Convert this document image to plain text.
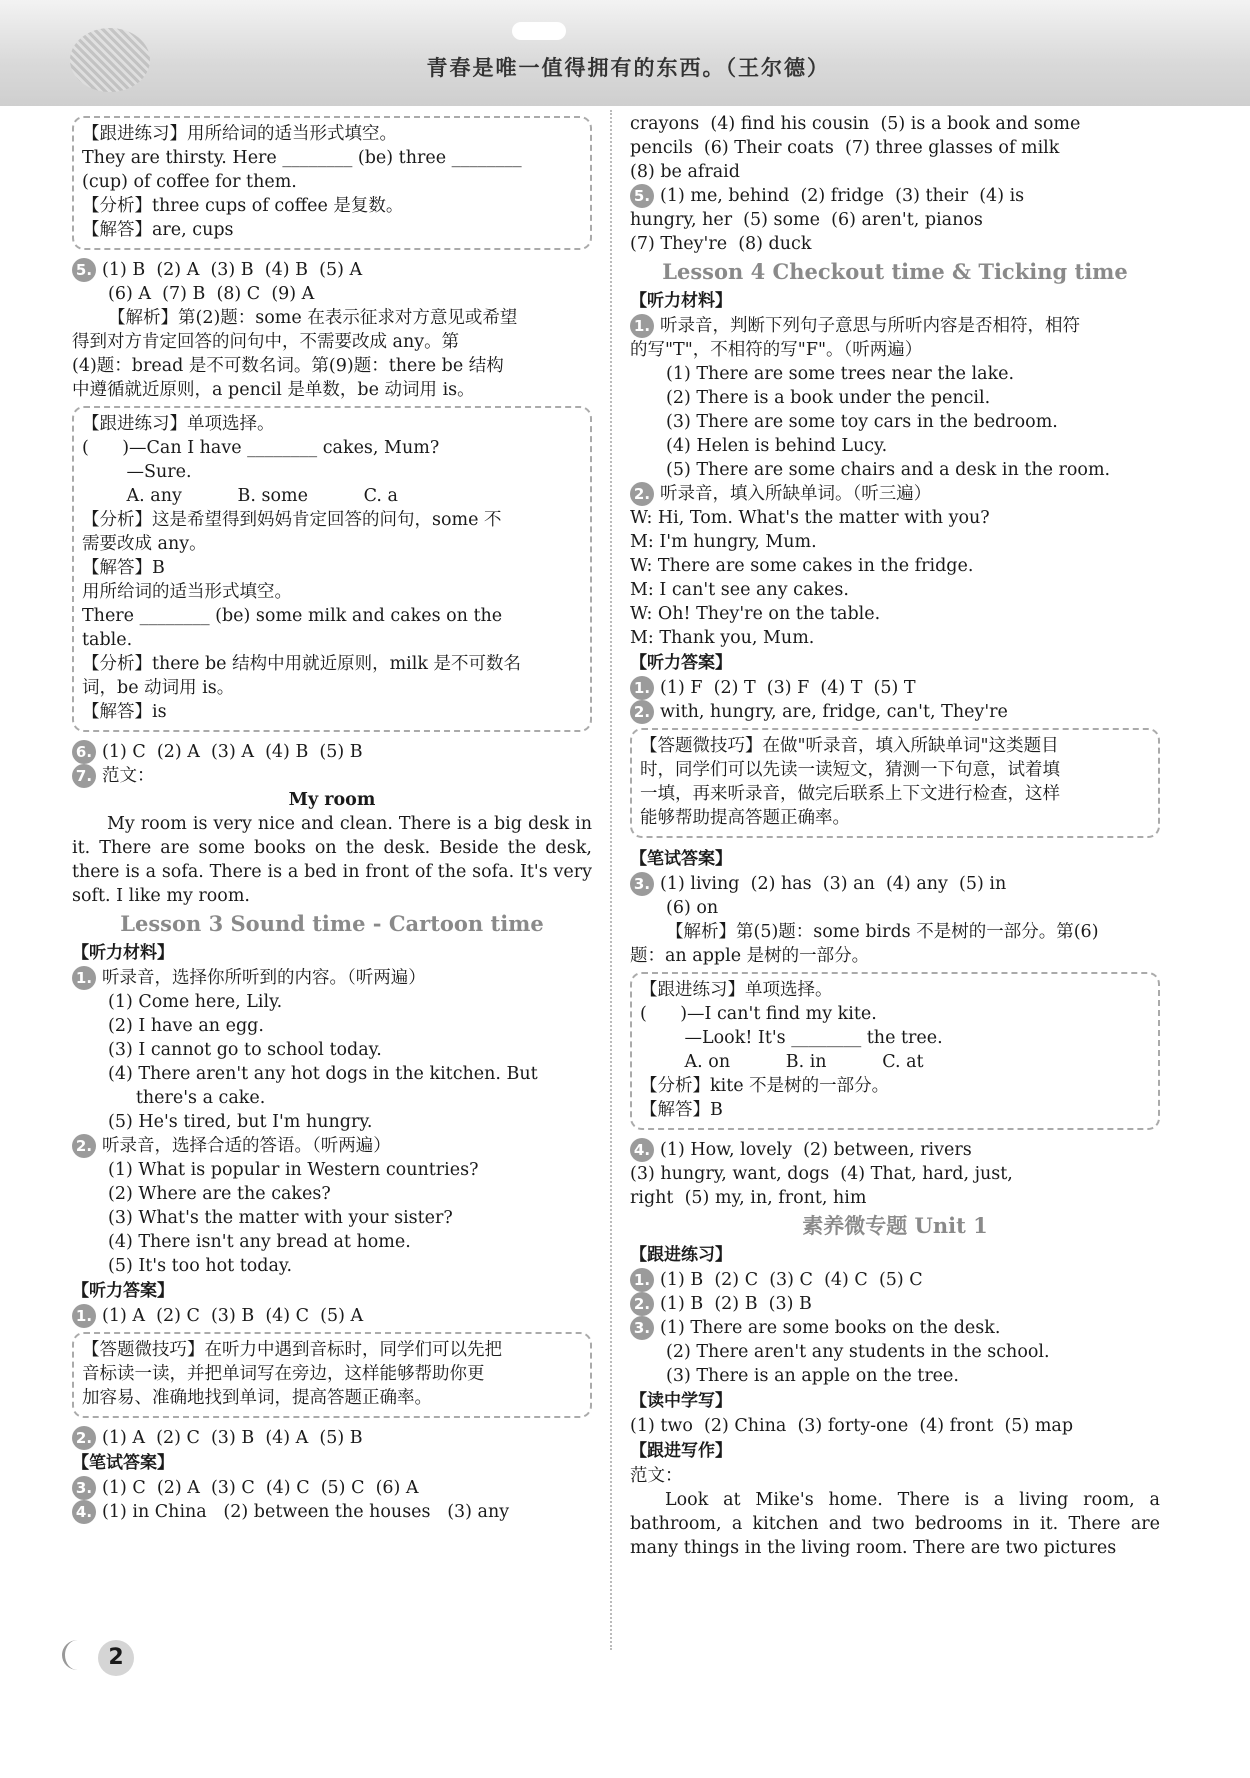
青春是唯一值得拥有的东西。（王尔德）
【跟进练习】用所给词的适当形式填空。
They are thirsty. Here ________ (be) three ________
(cup) of coffee for them.
【分析】three cups of coffee 是复数。
【解答】are, cups
5. (1) B  (2) A  (3) B  (4) B  (5) A
(6) A  (7) B  (8) C  (9) A
【解析】第(2)题：some 在表示征求对方意见或希望
得到对方肯定回答的问句中，不需要改成 any。第
(4)题：bread 是不可数名词。第(9)题：there be 结构
中遵循就近原则，a pencil 是单数，be 动词用 is。
【跟进练习】单项选择。
(      )—Can I have ________ cakes, Mum?
—Sure.
A. any          B. some          C. a
【分析】这是希望得到妈妈肯定回答的问句，some 不
需要改成 any。
【解答】B
用所给词的适当形式填空。
There ________ (be) some milk and cakes on the
table.
【分析】there be 结构中用就近原则，milk 是不可数名
词，be 动词用 is。
【解答】is
6. (1) C  (2) A  (3) A  (4) B  (5) B
7. 范文：
My room
My room is very nice and clean. There is a big desk in it. There are some books on the desk. Beside the desk, there is a sofa. There is a bed in front of the sofa. It's very soft. I like my room.
Lesson 3 Sound time - Cartoon time
【听力材料】
1. 听录音，选择你所听到的内容。（听两遍）
(1) Come here, Lily.
(2) I have an egg.
(3) I cannot go to school today.
(4) There aren't any hot dogs in the kitchen. But
there's a cake.
(5) He's tired, but I'm hungry.
2. 听录音，选择合适的答语。（听两遍）
(1) What is popular in Western countries?
(2) Where are the cakes?
(3) What's the matter with your sister?
(4) There isn't any bread at home.
(5) It's too hot today.
【听力答案】
1. (1) A  (2) C  (3) B  (4) C  (5) A
【答题微技巧】在听力中遇到音标时，同学们可以先把
音标读一读，并把单词写在旁边，这样能够帮助你更
加容易、准确地找到单词，提高答题正确率。
2. (1) A  (2) C  (3) B  (4) A  (5) B
【笔试答案】
3. (1) C  (2) A  (3) C  (4) C  (5) C  (6) A
4. (1) in China   (2) between the houses   (3) any
crayons  (4) find his cousin  (5) is a book and some
pencils  (6) Their coats  (7) three glasses of milk
(8) be afraid
5. (1) me, behind  (2) fridge  (3) their  (4) is
hungry, her  (5) some  (6) aren't, pianos
(7) They're  (8) duck
Lesson 4 Checkout time & Ticking time
【听力材料】
1. 听录音，判断下列句子意思与所听内容是否相符，相符
的写"T"，不相符的写"F"。（听两遍）
(1) There are some trees near the lake.
(2) There is a book under the pencil.
(3) There are some toy cars in the bedroom.
(4) Helen is behind Lucy.
(5) There are some chairs and a desk in the room.
2. 听录音，填入所缺单词。（听三遍）
W: Hi, Tom. What's the matter with you?
M: I'm hungry, Mum.
W: There are some cakes in the fridge.
M: I can't see any cakes.
W: Oh! They're on the table.
M: Thank you, Mum.
【听力答案】
1. (1) F  (2) T  (3) F  (4) T  (5) T
2. with, hungry, are, fridge, can't, They're
【答题微技巧】在做"听录音，填入所缺单词"这类题目
时，同学们可以先读一读短文，猜测一下句意，试着填
一填，再来听录音，做完后联系上下文进行检查，这样
能够帮助提高答题正确率。
【笔试答案】
3. (1) living  (2) has  (3) an  (4) any  (5) in
(6) on
【解析】第(5)题：some birds 不是树的一部分。第(6)
题：an apple 是树的一部分。
【跟进练习】单项选择。
(      )—I can't find my kite.
—Look! It's ________ the tree.
A. on          B. in          C. at
【分析】kite 不是树的一部分。
【解答】B
4. (1) How, lovely  (2) between, rivers
(3) hungry, want, dogs  (4) That, hard, just,
right  (5) my, in, front, him
素养微专题 Unit 1
【跟进练习】
1. (1) B  (2) C  (3) C  (4) C  (5) C
2. (1) B  (2) B  (3) B
3. (1) There are some books on the desk.
(2) There aren't any students in the school.
(3) There is an apple on the tree.
【读中学写】
(1) two  (2) China  (3) forty-one  (4) front  (5) map
【跟进写作】
范文：
Look at Mike's home. There is a living room, a bathroom, a kitchen and two bedrooms in it. There are many things in the living room. There are two pictures
2
